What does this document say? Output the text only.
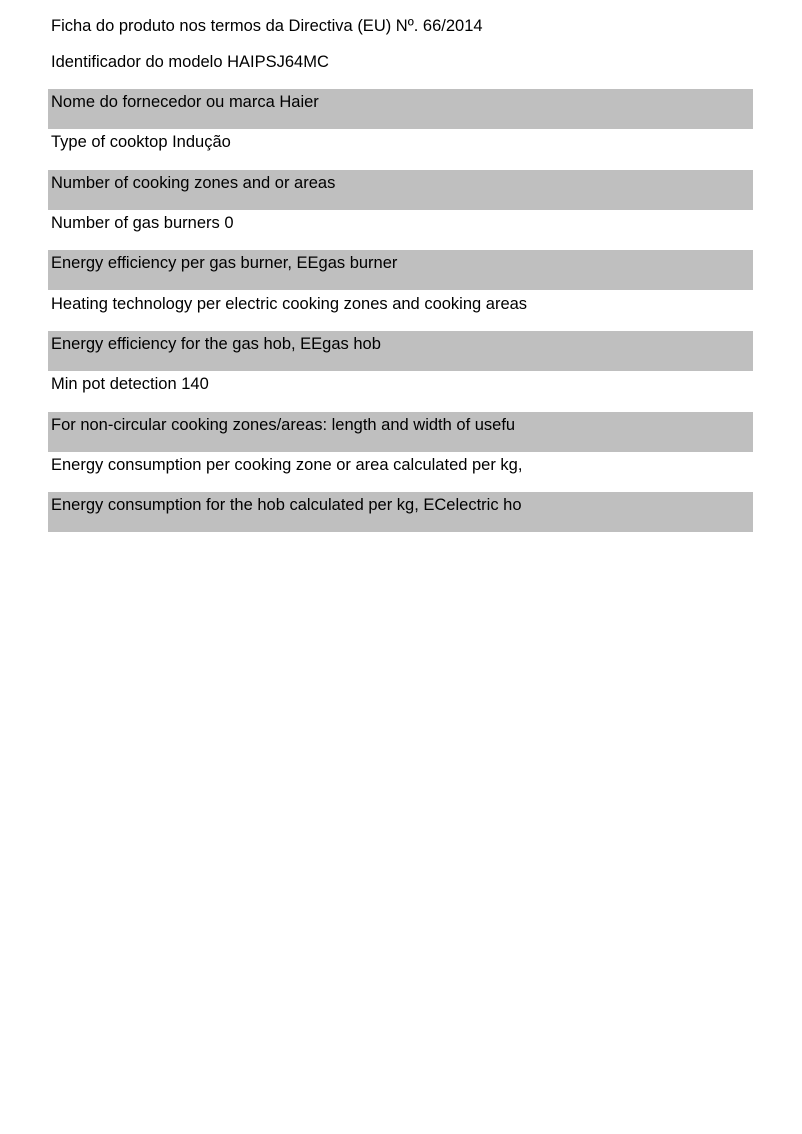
Ficha do produto nos termos da Directiva (EU) Nº. 66/2014
Identificador do modelo HAIPSJ64MC
Nome do fornecedor ou marca Haier
Type of cooktop Indução
Number of cooking zones and or areas
Number of gas burners 0
Energy efficiency per gas burner, EEgas burner
Heating technology per electric cooking zones and cooking areas
Energy efficiency for the gas hob, EEgas hob
Min pot detection 140
For non-circular cooking zones/areas: length and width of usefu
Energy consumption per cooking zone or area calculated per kg,
Energy consumption for the hob calculated per kg, ECelectric ho
